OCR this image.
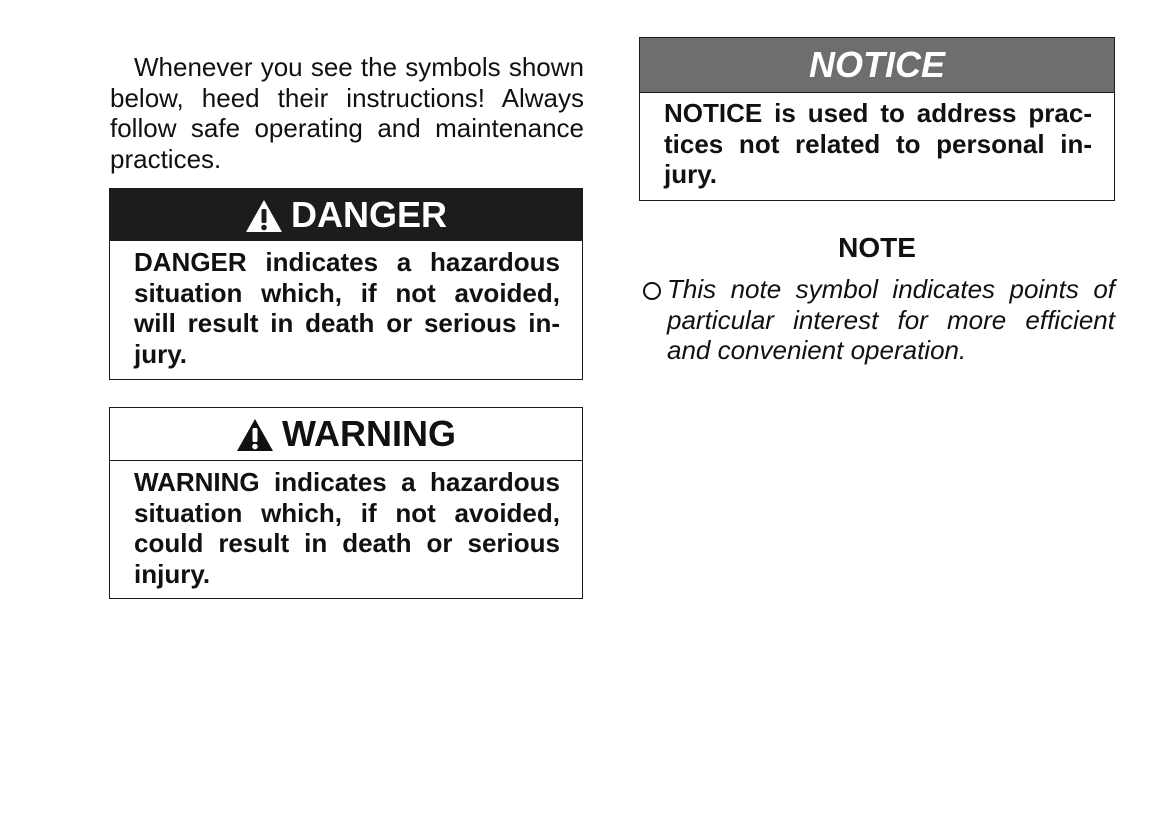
Whenever you see the symbols shown below, heed their instructions! Always follow safe operating and maintenance practices.

DANGER

DANGER indicates a hazardous situation which, if not avoided, will result in death or serious injury.

WARNING

WARNING indicates a hazardous situation which, if not avoided, could result in death or serious injury.

NOTICE

NOTICE is used to address practices not related to personal injury.

NOTE

This note symbol indicates points of particular interest for more efficient and convenient operation.
